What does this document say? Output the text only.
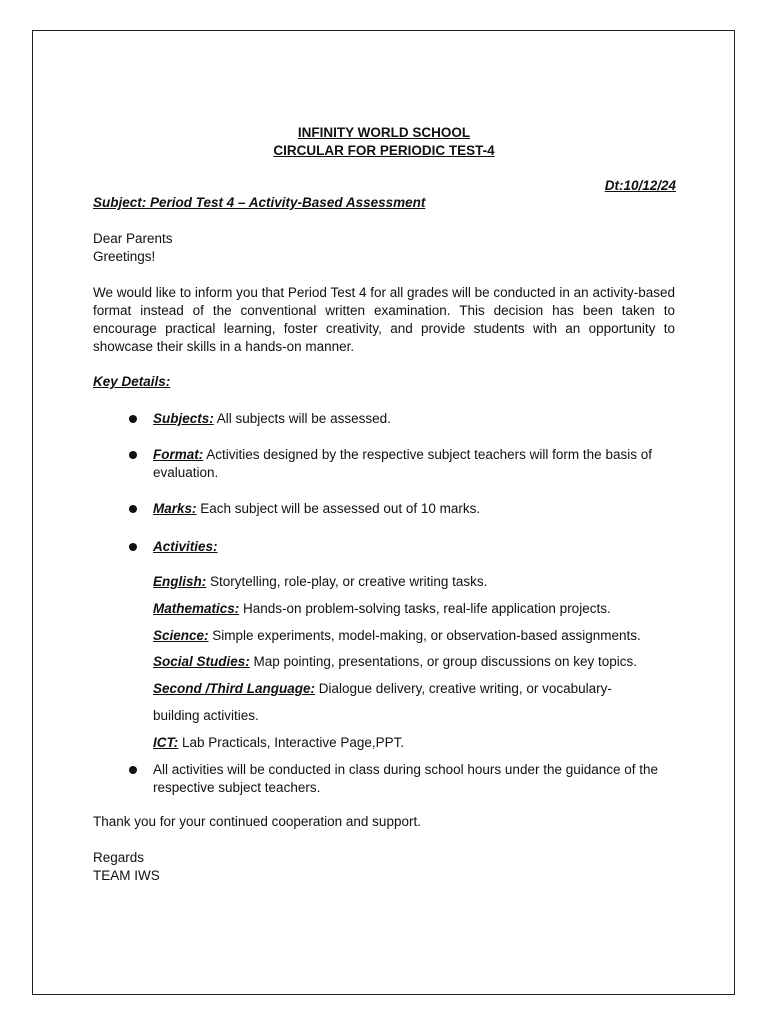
INFINITY WORLD SCHOOL
CIRCULAR FOR PERIODIC TEST-4
Dt:10/12/24
Subject: Period Test 4 – Activity-Based Assessment
Dear Parents
Greetings!
We would like to inform you that Period Test 4 for all grades will be conducted in an activity-based format instead of the conventional written examination. This decision has been taken to encourage practical learning, foster creativity, and provide students with an opportunity to showcase their skills in a hands-on manner.
Key Details:
Subjects: All subjects will be assessed.
Format: Activities designed by the respective subject teachers will form the basis of evaluation.
Marks: Each subject will be assessed out of 10 marks.
Activities:
English: Storytelling, role-play, or creative writing tasks.
Mathematics: Hands-on problem-solving tasks, real-life application projects.
Science: Simple experiments, model-making, or observation-based assignments.
Social Studies: Map pointing, presentations, or group discussions on key topics.
Second /Third Language: Dialogue delivery, creative writing, or vocabulary-
building activities.
ICT: Lab Practicals, Interactive Page,PPT.
All activities will be conducted in class during school hours under the guidance of the respective subject teachers.
Thank you for your continued cooperation and support.
Regards
TEAM IWS
